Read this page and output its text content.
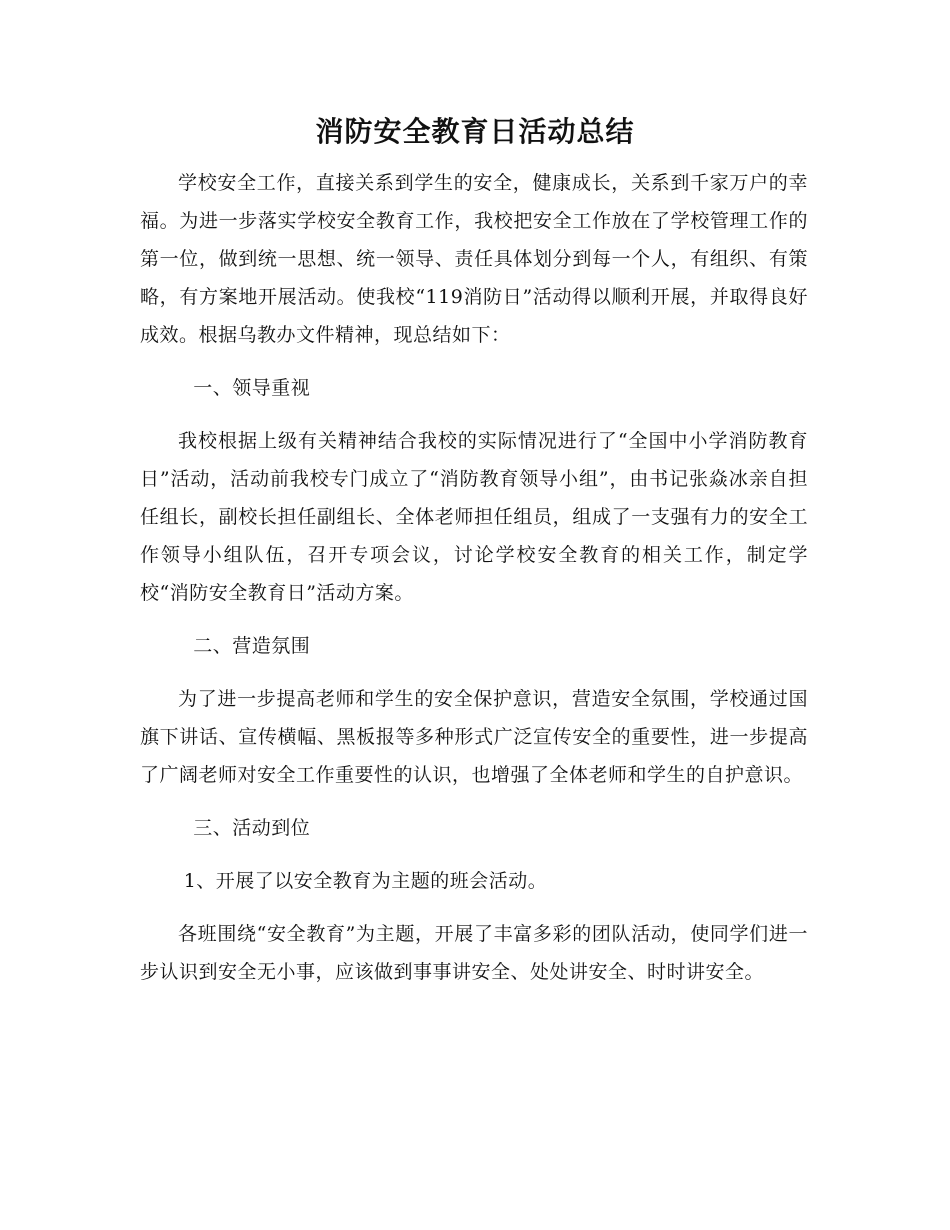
消防安全教育日活动总结

学校安全工作，直接关系到学生的安全，健康成长，关系到千家万户的幸福。为进一步落实学校安全教育工作，我校把安全工作放在了学校管理工作的第一位，做到统一思想、统一领导、责任具体划分到每一个人，有组织、有策略，有方案地开展活动。使我校“119消防日”活动得以顺利开展，并取得良好成效。根据乌教办文件精神，现总结如下：

一、领导重视

我校根据上级有关精神结合我校的实际情况进行了“全国中小学消防教育日”活动，活动前我校专门成立了“消防教育领导小组”，由书记张焱冰亲自担任组长，副校长担任副组长、全体老师担任组员，组成了一支强有力的安全工作领导小组队伍，召开专项会议，讨论学校安全教育的相关工作，制定学校“消防安全教育日”活动方案。

二、营造氛围

为了进一步提高老师和学生的安全保护意识，营造安全氛围，学校通过国旗下讲话、宣传横幅、黑板报等多种形式广泛宣传安全的重要性，进一步提高了广阔老师对安全工作重要性的认识，也增强了全体老师和学生的自护意识。

三、活动到位

1、开展了以安全教育为主题的班会活动。

各班围绕“安全教育”为主题，开展了丰富多彩的团队活动，使同学们进一步认识到安全无小事，应该做到事事讲安全、处处讲安全、时时讲安全。
